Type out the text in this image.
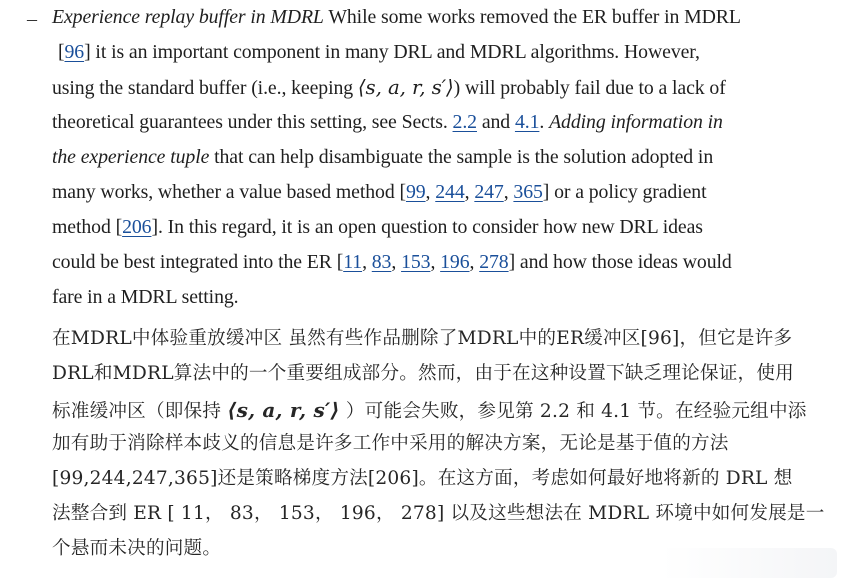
– Experience replay buffer in MDRL While some works removed the ER buffer in MDRL
[96] it is an important component in many DRL and MDRL algorithms. However,
using the standard buffer (i.e., keeping ⟨s, a, r, s′⟩) will probably fail due to a lack of
theoretical guarantees under this setting, see Sects. 2.2 and 4.1. Adding information in
the experience tuple that can help disambiguate the sample is the solution adopted in
many works, whether a value based method [99, 244, 247, 365] or a policy gradient
method [206]. In this regard, it is an open question to consider how new DRL ideas
could be best integrated into the ER [11, 83, 153, 196, 278] and how those ideas would
fare in a MDRL setting.
在MDRL中体验重放缓冲区 虽然有些作品删除了MDRL中的ER缓冲区[96]，但它是许多
DRL和MDRL算法中的一个重要组成部分。然而，由于在这种设置下缺乏理论保证，使用
标准缓冲区（即保持 ⟨s, a, r, s′⟩ ）可能会失败，参见第 2.2 和 4.1 节。在经验元组中添
加有助于消除样本歧义的信息是许多工作中采用的解决方案，无论是基于值的方法
[99,244,247,365]还是策略梯度方法[206]。在这方面，考虑如何最好地将新的 DRL 想
法整合到 ER [ 11， 83， 153， 196， 278] 以及这些想法在 MDRL 环境中如何发展是一
个悬而未决的问题。
